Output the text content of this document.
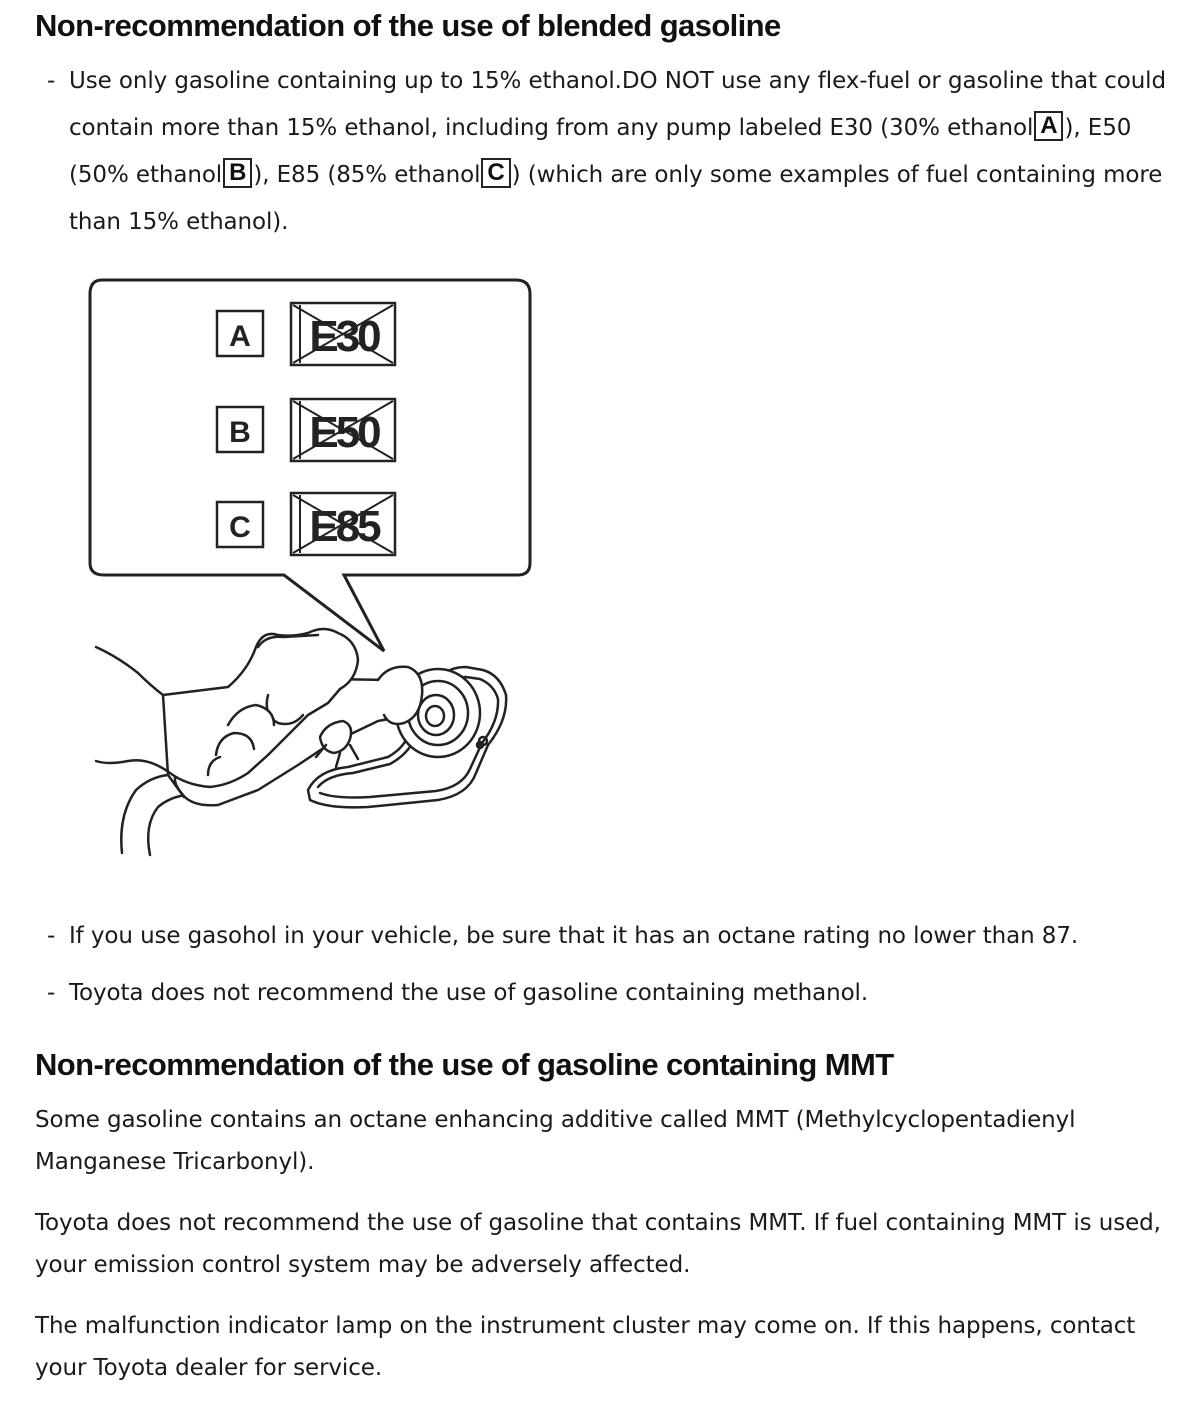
Non-recommendation of the use of blended gasoline
- Use only gasoline containing up to 15% ethanol.DO NOT use any flex-fuel or gasoline that could contain more than 15% ethanol, including from any pump labeled E30 (30% ethanol A ), E50 (50% ethanol B ), E85 (85% ethanol C ) (which are only some examples of fuel containing more than 15% ethanol).
A E30
B E50
C E85
- If you use gasohol in your vehicle, be sure that it has an octane rating no lower than 87.
- Toyota does not recommend the use of gasoline containing methanol.
Non-recommendation of the use of gasoline containing MMT

Some gasoline contains an octane enhancing additive called MMT (Methylcyclopentadienyl Manganese Tricarbonyl).

Toyota does not recommend the use of gasoline that contains MMT. If fuel containing MMT is used, your emission control system may be adversely affected.

The malfunction indicator lamp on the instrument cluster may come on. If this happens, contact your Toyota dealer for service.
